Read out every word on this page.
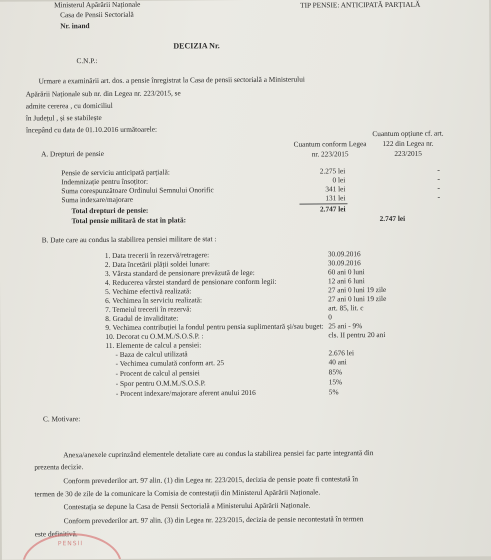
Ministerul Apărării Naționale
Casa de Pensii Sectorială
Nr. inand
TIP PENSIE: ANTICIPATĂ PARȚIALĂ
DECIZIA Nr.
C.N.P.:
Urmare a examinării art. dos. a pensie înregistrat la Casa de pensii sectorială a Ministerului
Apărării Naționale sub nr. din Legea nr. 223/2015, se
admite cererea , cu domiciliul
în Județul , și se stabilește
începând cu data de 01.10.2016 următoarele:
A. Drepturi de pensie
Cuantum conform Legea nr. 223/2015
Cuantum opțiune cf. art. 122 din Legea nr. 223/2015
Pensie de serviciu anticipată parțială:	2.275 lei	-
Indemnizație pentru însoțitor:	0 lei	-
Suma corespunzătoare Ordinului Semnului Onorific	341 lei	-
Suma indexare/majorare	131 lei	-
Total drepturi de pensie:	2.747 lei
Total pensie militară de stat în plată:	2.747 lei
B. Date care au condus la stabilirea pensiei militare de stat :
1. Data trecerii în rezervă/retragere:	30.09.2016
2. Data încetării plății soldei lunare:	30.09.2016
3. Vârsta standard de pensionare prevăzută de lege:	60 ani 0 luni
4. Reducerea vârstei standard de pensionare conform legii:	12 ani 6 luni
5. Vechime efectivă realizată:	27 ani 0 luni 19 zile
6. Vechimea în serviciu realizată:	27 ani 0 luni 19 zile
7. Temeiul trecerii în rezervă:	art. 85, lit. c
8. Gradul de invaliditate:	0
9. Vechimea contribuției la fondul pentru pensia suplimentară și/sau buget: 25 ani - 9%
10. Decorat cu O.M.M./S.O.S.P. :	cls. II pentru 20 ani
11. Elemente de calcul a pensiei:
- Baza de calcul utilizată	2.676 lei
- Vechimea cumulată conform art. 25	40 ani
- Procent de calcul al pensiei	85%
- Spor pentru O.M.M./S.O.S.P.	15%
- Procent indexare/majorare aferent anului 2016	5%
C. Motivare:
Anexa/anexele cuprinzând elementele detaliate care au condus la stabilirea pensiei fac parte integrantă din
prezenta decizie.
Conform prevederilor art. 97 alin. (1) din Legea nr. 223/2015, decizia de pensie poate fi contestată în
termen de 30 de zile de la comunicare la Comisia de contestații din Ministerul Apărării Naționale.
Contestația se depune la Casa de Pensii Sectorială a Ministerului Apărării Naționale.
Conform prevederilor art. 97 alin. (3) din Legea nr. 223/2015, decizia de pensie necontestată în termen
este definitivă.
PENSII
